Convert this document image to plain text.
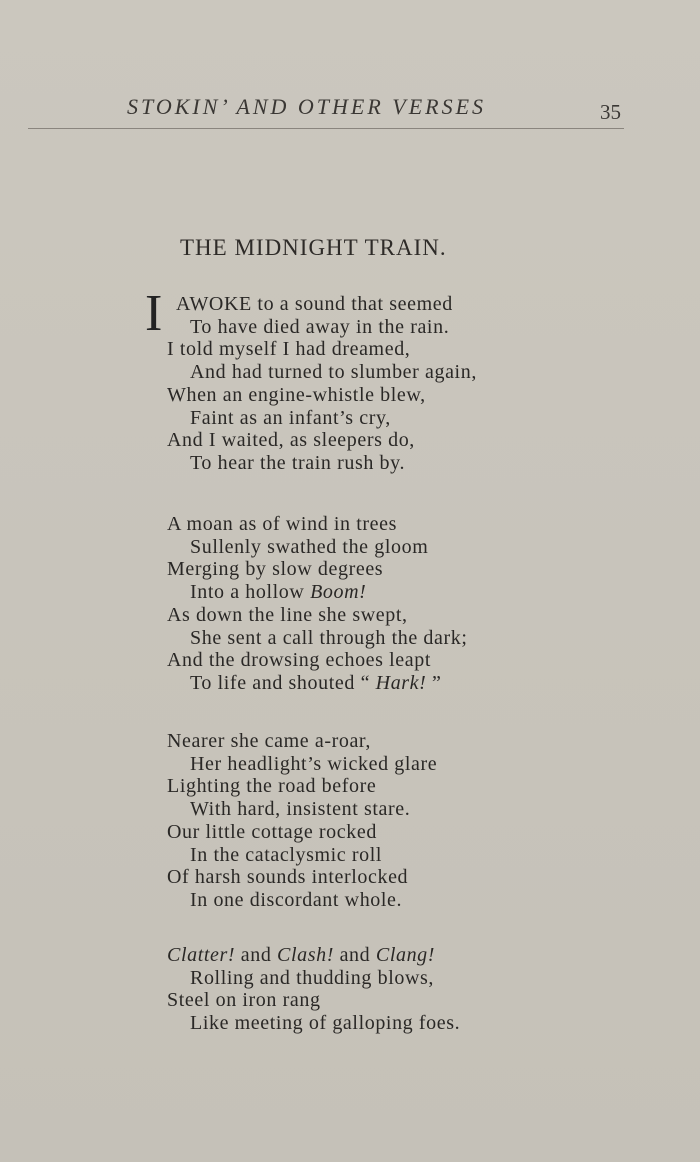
STOKIN’ AND OTHER VERSES	35
THE MIDNIGHT TRAIN.
I AWOKE to a sound that seemed
To have died away in the rain.
I told myself I had dreamed,
And had turned to slumber again,
When an engine-whistle blew,
Faint as an infant’s cry,
And I waited, as sleepers do,
To hear the train rush by.
A moan as of wind in trees
Sullenly swathed the gloom
Merging by slow degrees
Into a hollow Boom!
As down the line she swept,
She sent a call through the dark;
And the drowsing echoes leapt
To life and shouted “ Hark! ”
Nearer she came a-roar,
Her headlight’s wicked glare
Lighting the road before
With hard, insistent stare.
Our little cottage rocked
In the cataclysmic roll
Of harsh sounds interlocked
In one discordant whole.
Clatter! and Clash! and Clang!
Rolling and thudding blows,
Steel on iron rang
Like meeting of galloping foes.
